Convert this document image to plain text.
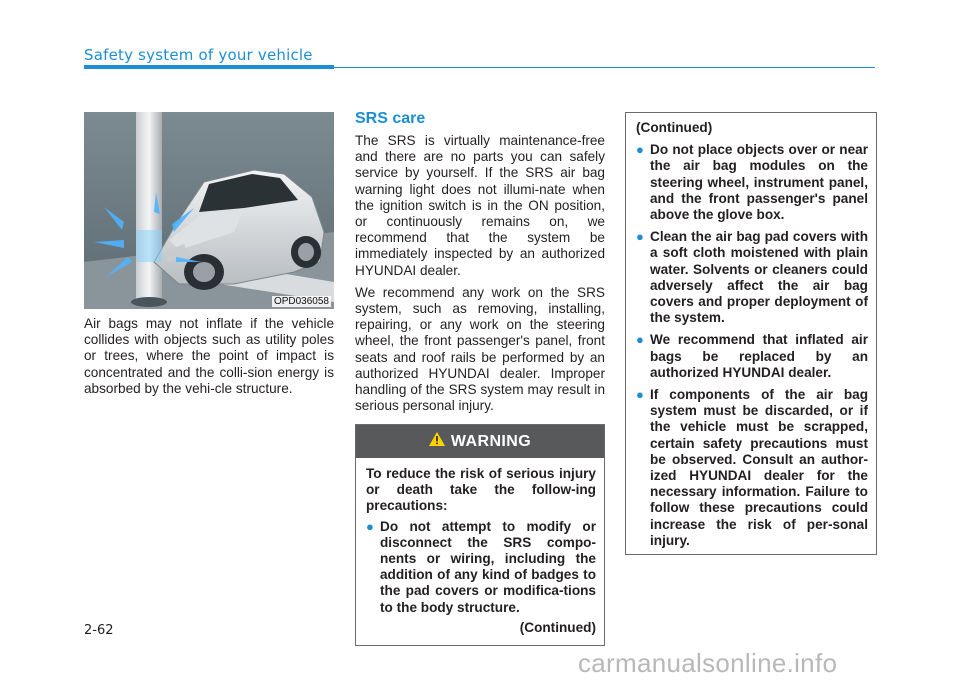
Safety system of your vehicle
OPD036058
Air bags may not inflate if the vehicle collides with objects such as utility poles or trees, where the point of impact is concentrated and the colli-sion energy is absorbed by the vehi-cle structure.
SRS care

The SRS is virtually maintenance-free and there are no parts you can safely service by yourself. If the SRS air bag warning light does not illumi-nate when the ignition switch is in the ON position, or continuously remains on, we recommend that the system be immediately inspected by an authorized HYUNDAI dealer.

We recommend any work on the SRS system, such as removing, installing, repairing, or any work on the steering wheel, the front passenger's panel, front seats and roof rails be performed by an authorized HYUNDAI dealer. Improper handling of the SRS system may result in serious personal injury.

WARNING
To reduce the risk of serious injury or death take the follow-ing precautions:
● Do not attempt to modify or disconnect the SRS compo-nents or wiring, including the addition of any kind of badges to the pad covers or modifica-tions to the body structure.
(Continued)
(Continued)
● Do not place objects over or near the air bag modules on the steering wheel, instrument panel, and the front passenger's panel above the glove box.
● Clean the air bag pad covers with a soft cloth moistened with plain water. Solvents or cleaners could adversely affect the air bag covers and proper deployment of the system.
● We recommend that inflated air bags be replaced by an authorized HYUNDAI dealer.
● If components of the air bag system must be discarded, or if the vehicle must be scrapped, certain safety precautions must be observed. Consult an author-ized HYUNDAI dealer for the necessary information. Failure to follow these precautions could increase the risk of per-sonal injury.
2-62
carmanualsonline.info
